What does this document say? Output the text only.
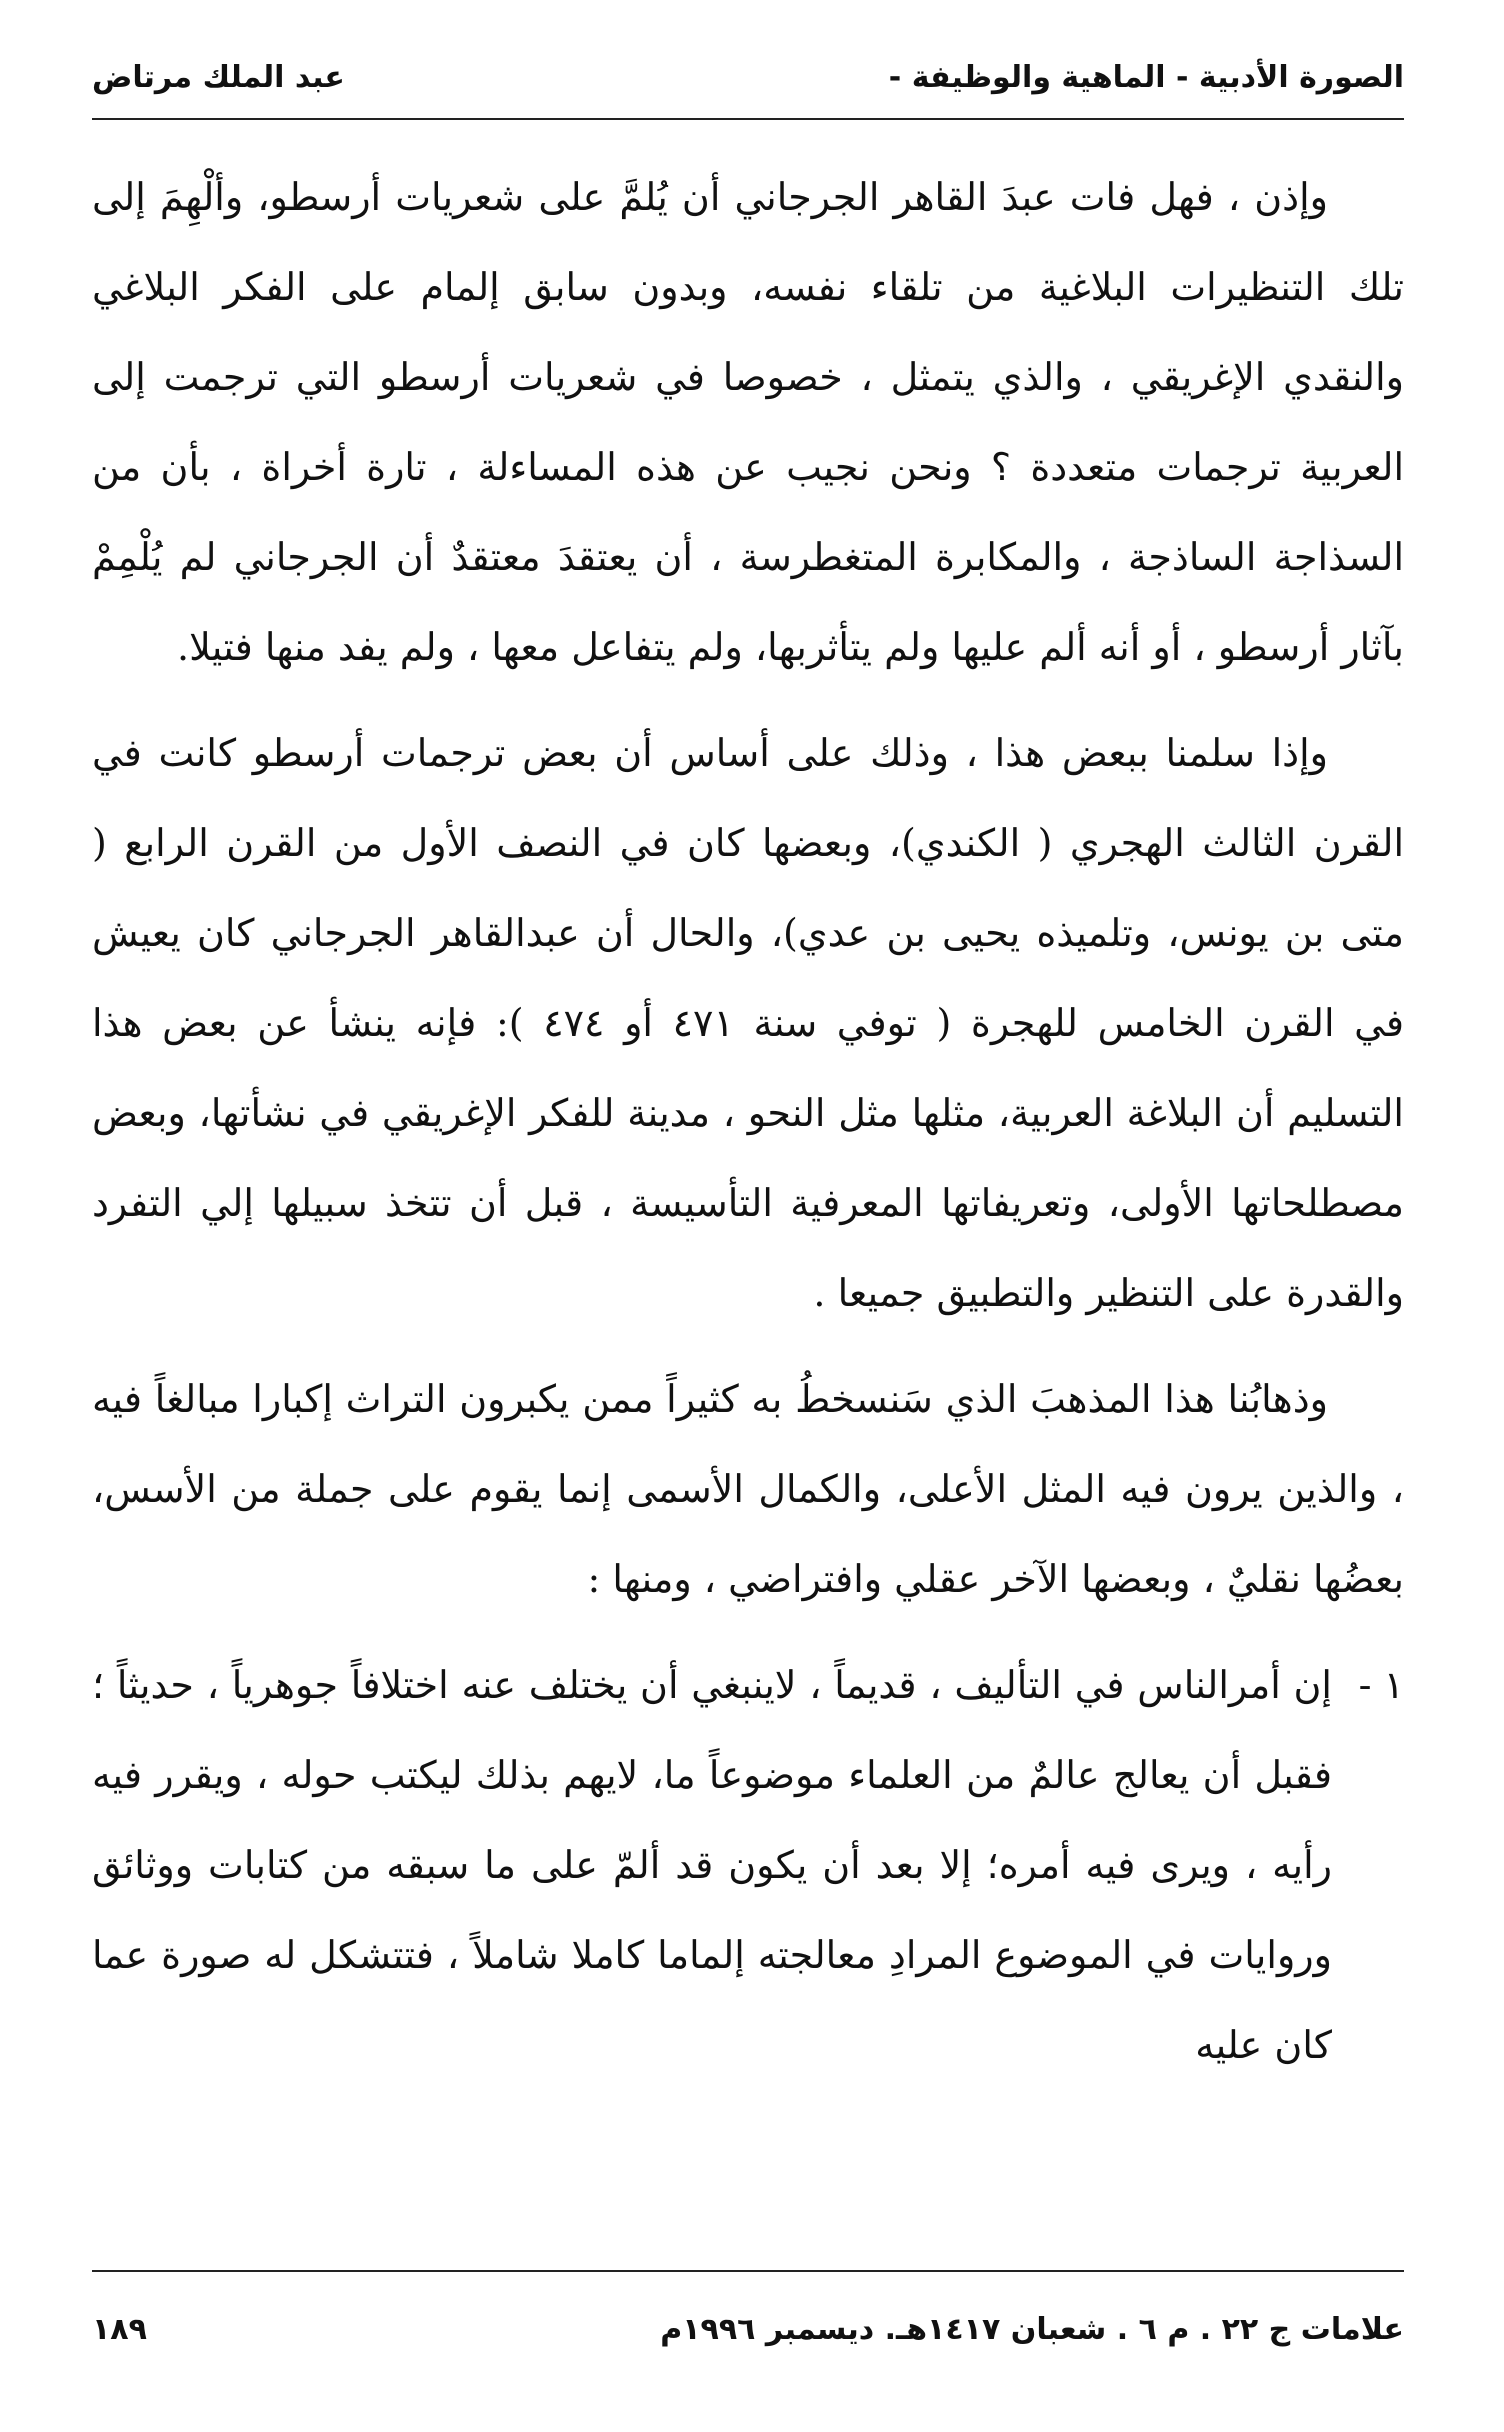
الصورة الأدبية - الماهية والوظيفة -
عبد الملك مرتاض

وإذن ، فهل فات عبدَ القاهر الجرجاني أن يُلمَّ على شعريات أرسطو، وألْهِمَ إلى تلك التنظيرات البلاغية من تلقاء نفسه، وبدون سابق إلمام على الفكر البلاغي والنقدي الإغريقي ، والذي يتمثل ، خصوصا في شعريات أرسطو التي ترجمت إلى العربية ترجمات متعددة ؟ ونحن نجيب عن هذه المساءلة ، تارة أخراة ، بأن من السذاجة الساذجة ، والمكابرة المتغطرسة ، أن يعتقدَ معتقدٌ أن الجرجاني لم يُلْمِمْ بآثار أرسطو ، أو أنه ألم عليها ولم يتأثربها، ولم يتفاعل معها ، ولم يفد منها فتيلا.

وإذا سلمنا ببعض هذا ، وذلك على أساس أن بعض ترجمات أرسطو كانت في القرن الثالث الهجري ( الكندي)، وبعضها كان في النصف الأول من القرن الرابع ( متى بن يونس، وتلميذه يحيى بن عدي)، والحال أن عبدالقاهر الجرجاني كان يعيش في القرن الخامس للهجرة ( توفي سنة ٤٧١ أو ٤٧٤ ): فإنه ينشأ عن بعض هذا التسليم أن البلاغة العربية، مثلها مثل النحو ، مدينة للفكر الإغريقي في نشأتها، وبعض مصطلحاتها الأولى، وتعريفاتها المعرفية التأسيسة ، قبل أن تتخذ سبيلها إلي التفرد والقدرة على التنظير والتطبيق جميعا .

وذهابُنا هذا المذهبَ الذي سَنسخطُ به كثيراً ممن يكبرون التراث إكبارا مبالغاً فيه ، والذين يرون فيه المثل الأعلى، والكمال الأسمى إنما يقوم على جملة من الأسس، بعضُها نقليٌ ، وبعضها الآخر عقلي وافتراضي ، ومنها :

١ -
إن أمرالناس في التأليف ، قديماً ، لاينبغي أن يختلف عنه اختلافاً جوهرياً ، حديثاً ؛ فقبل أن يعالج عالمٌ من العلماء موضوعاً ما، لايهم بذلك ليكتب حوله ، ويقرر فيه رأيه ، ويرى فيه أمره؛ إلا بعد أن يكون قد ألمّ على ما سبقه من كتابات ووثائق وروايات في الموضوع المرادِ معالجته إلماما كاملا شاملاً ، فتتشكل له صورة عما كان عليه
علامات ج ٢٢ . م ٦ . شعبان ١٤١٧هـ. ديسمبر ١٩٩٦م
١٨٩
